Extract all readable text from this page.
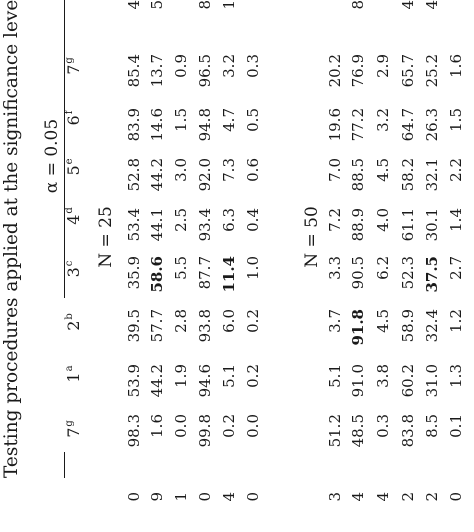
Testing procedures applied at the significance leve α = 0.05
7$^g$
1$^a$
2$^b$
3$^c$
4$^d$
5e
6$^f$
7$^g$
N = 25
0
98.3
53.9
39.5
35.9
53.4
52.8
83.9
85.4
4
9
1.6
44.2
57.7
58.6
44.1
44.2
14.6
13.7
5
1
0.0
1.9
2.8
5.5
2.5
3.0
1.5
0.9
0
99.8
94.6
93.8
87.7
93.4
92.0
94.8
96.5
8
4
0.2
5.1
6.0
11.4
6.3
7.3
4.7
3.2
1
0
0.0
0.2
0.2
1.0
0.4
0.6
0.5
0.3
N = 50
3
51.2
5.1
3.7
3.3
7.2
7.0
19.6
20.2
4
48.5
91.0
91.8
90.5
88.9
88.5
77.2
76.9
8
4
0.3
3.8
4.5
6.2
4.0
4.5
3.2
2.9
2
83.8
60.2
58.9
52.3
61.1
58.2
64.7
65.7
4
2
8.5
31.0
32.4
37.5
30.1
32.1
26.3
25.2
4
0
0.1
1.3
1.2
2.7
1.4
2.2
1.5
1.6
